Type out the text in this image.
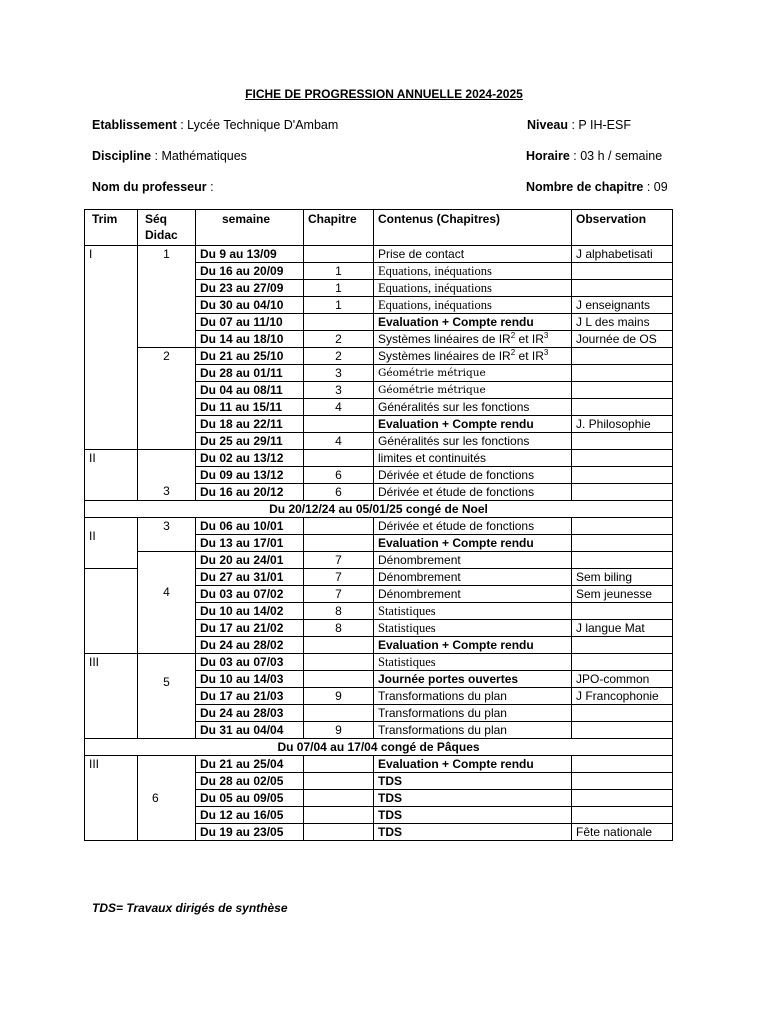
FICHE DE PROGRESSION ANNUELLE 2024-2025
Etablissement : Lycée Technique D'Ambam	Niveau : P IH-ESF
Discipline : Mathématiques	Horaire : 03 h / semaine
Nom du professeur :	Nombre de chapitre : 09
Trim	Séq Didac	semaine	Chapitre	Contenus (Chapitres)	Observation
I	1	Du 9 au 13/09		Prise de contact	J alphabetisati
		Du 16 au 20/09	1	Equations, inéquations	
		Du 23 au 27/09	1	Equations, inéquations	
		Du 30 au 04/10	1	Equations, inéquations	J enseignants
		Du 07 au 11/10		Evaluation + Compte rendu	J L des mains
		Du 14 au 18/10	2	Systèmes linéaires de $IR^2$ et $IR^3$	Journée de OS
	2	Du 21 au 25/10	2	Systèmes linéaires de $IR^2$ et $IR^3$	
		Du 28 au 01/11	3	Géométrie métrique	
		Du 04 au 08/11	3	Géométrie métrique	
		Du 11 au 15/11	4	Généralités sur les fonctions	
		Du 18 au 22/11		Evaluation + Compte rendu	J. Philosophie
		Du 25 au 29/11	4	Généralités sur les fonctions	
II	3	Du 02 au 13/12		limites et continuités	
		Du 09 au 13/12	6	Dérivée et étude de fonctions	
		Du 16 au 20/12	6	Dérivée et étude de fonctions	
Du 20/12/24 au 05/01/25 congé de Noel					
II	3	Du 06 au 10/01		Dérivée et étude de fonctions	
		Du 13 au 17/01		Evaluation + Compte rendu	
	4	Du 20 au 24/01	7	Dénombrement	
		Du 27 au 31/01	7	Dénombrement	Sem biling
		Du 03 au 07/02	7	Dénombrement	Sem jeunesse
		Du 10 au 14/02	8	Statistiques	
		Du 17 au 21/02	8	Statistiques	J langue Mat
		Du 24 au 28/02		Evaluation + Compte rendu	
III	5	Du 03 au 07/03		Statistiques	
		Du 10 au 14/03		Journée portes ouvertes	JPO-common
		Du 17 au 21/03	9	Transformations du plan	J Francophonie
		Du 24 au 28/03		Transformations du plan	
		Du 31 au 04/04	9	Transformations du plan	
Du 07/04 au 17/04 congé de Pâques					
III	6	Du 21 au 25/04		Evaluation + Compte rendu	
		Du 28 au 02/05		TDS	
		Du 05 au 09/05		TDS	
		Du 12 au 16/05		TDS	
		Du 19 au 23/05		TDS	Fête nationale
TDS= Travaux dirigés de synthèse
